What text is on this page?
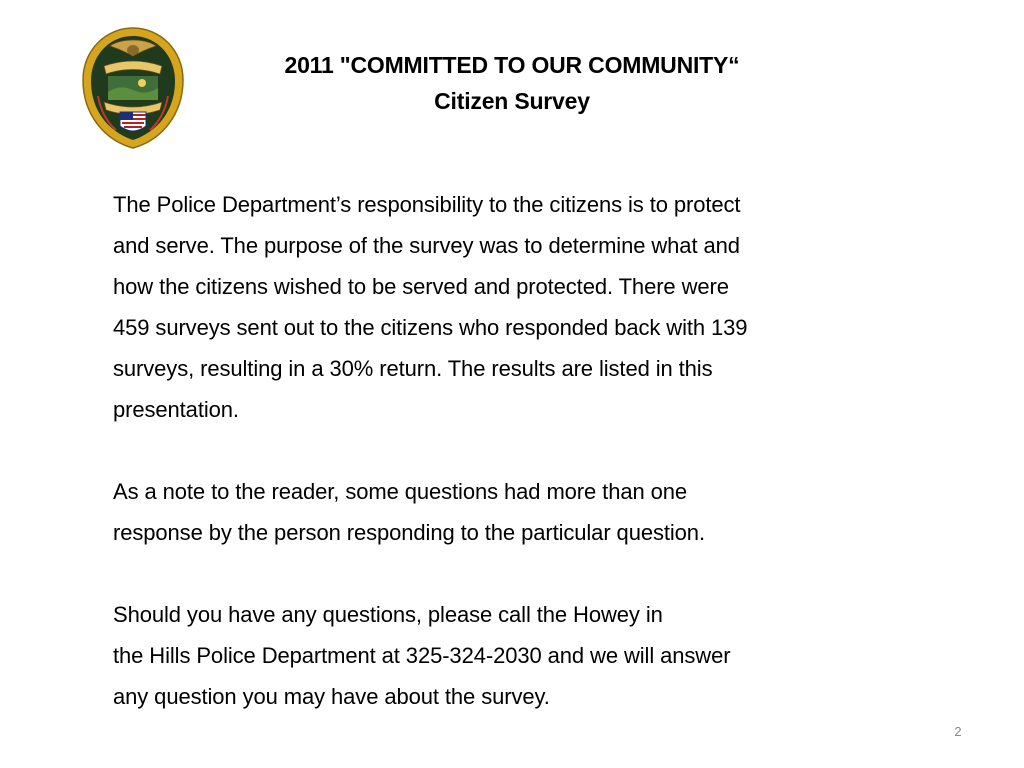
2011 "COMMITTED TO OUR COMMUNITY“
Citizen Survey
The Police Department’s responsibility to the citizens is to protect
and serve. The purpose of the survey was to determine what and
how the citizens wished to be served and protected. There were
459 surveys sent out to the citizens who responded back with 139
surveys, resulting in a 30% return. The results are listed in this
presentation.
As a note to the reader, some questions had more than one
response by the person responding to the particular question.
Should you have any questions, please call the Howey in
the Hills Police Department at 325-324-2030 and we will answer
any question you may have about the survey.
2
